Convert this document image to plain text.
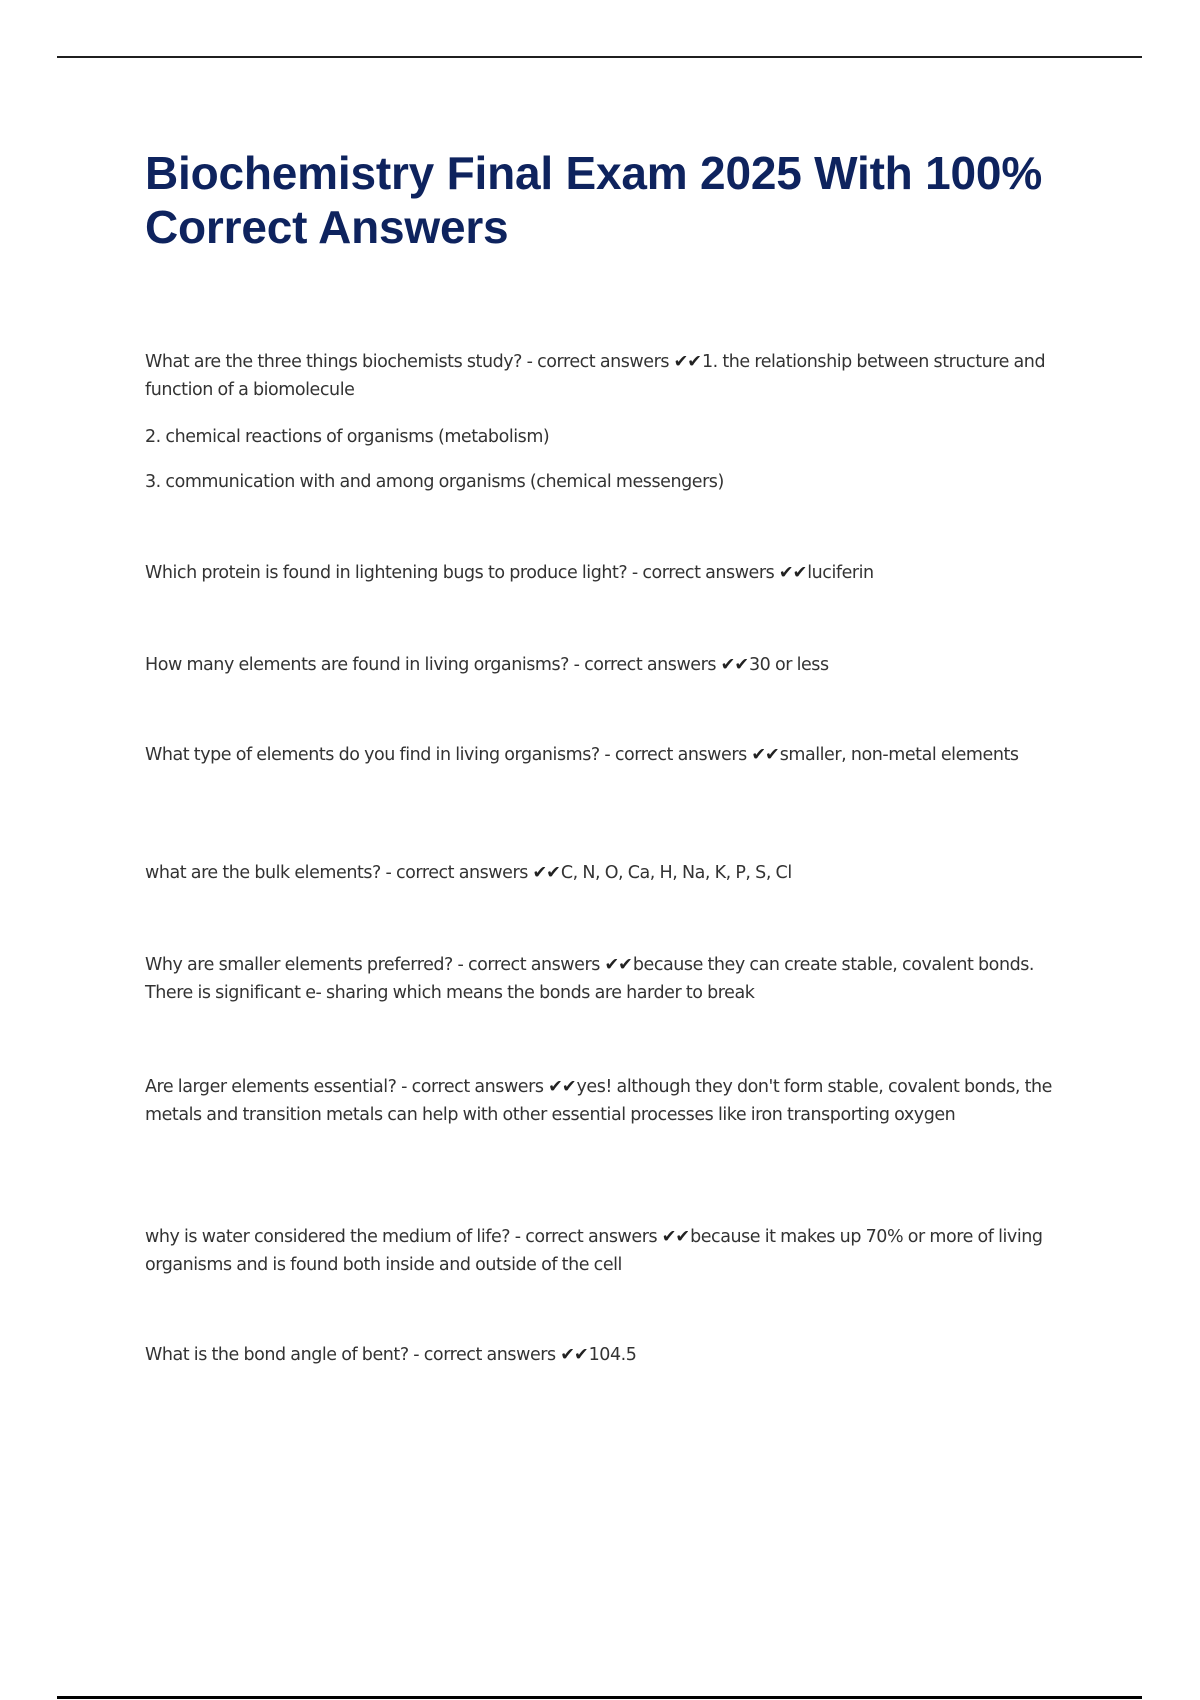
Biochemistry Final Exam 2025 With 100% Correct Answers

What are the three things biochemists study? - correct answers ✔✔1. the relationship between structure and function of a biomolecule

2. chemical reactions of organisms (metabolism)

3. communication with and among organisms (chemical messengers)

Which protein is found in lightening bugs to produce light? - correct answers ✔✔luciferin

How many elements are found in living organisms? - correct answers ✔✔30 or less

What type of elements do you find in living organisms? - correct answers ✔✔smaller, non-metal elements

what are the bulk elements? - correct answers ✔✔C, N, O, Ca, H, Na, K, P, S, Cl

Why are smaller elements preferred? - correct answers ✔✔because they can create stable, covalent bonds. There is significant e- sharing which means the bonds are harder to break

Are larger elements essential? - correct answers ✔✔yes! although they don't form stable, covalent bonds, the metals and transition metals can help with other essential processes like iron transporting oxygen

why is water considered the medium of life? - correct answers ✔✔because it makes up 70% or more of living organisms and is found both inside and outside of the cell

What is the bond angle of bent? - correct answers ✔✔104.5
